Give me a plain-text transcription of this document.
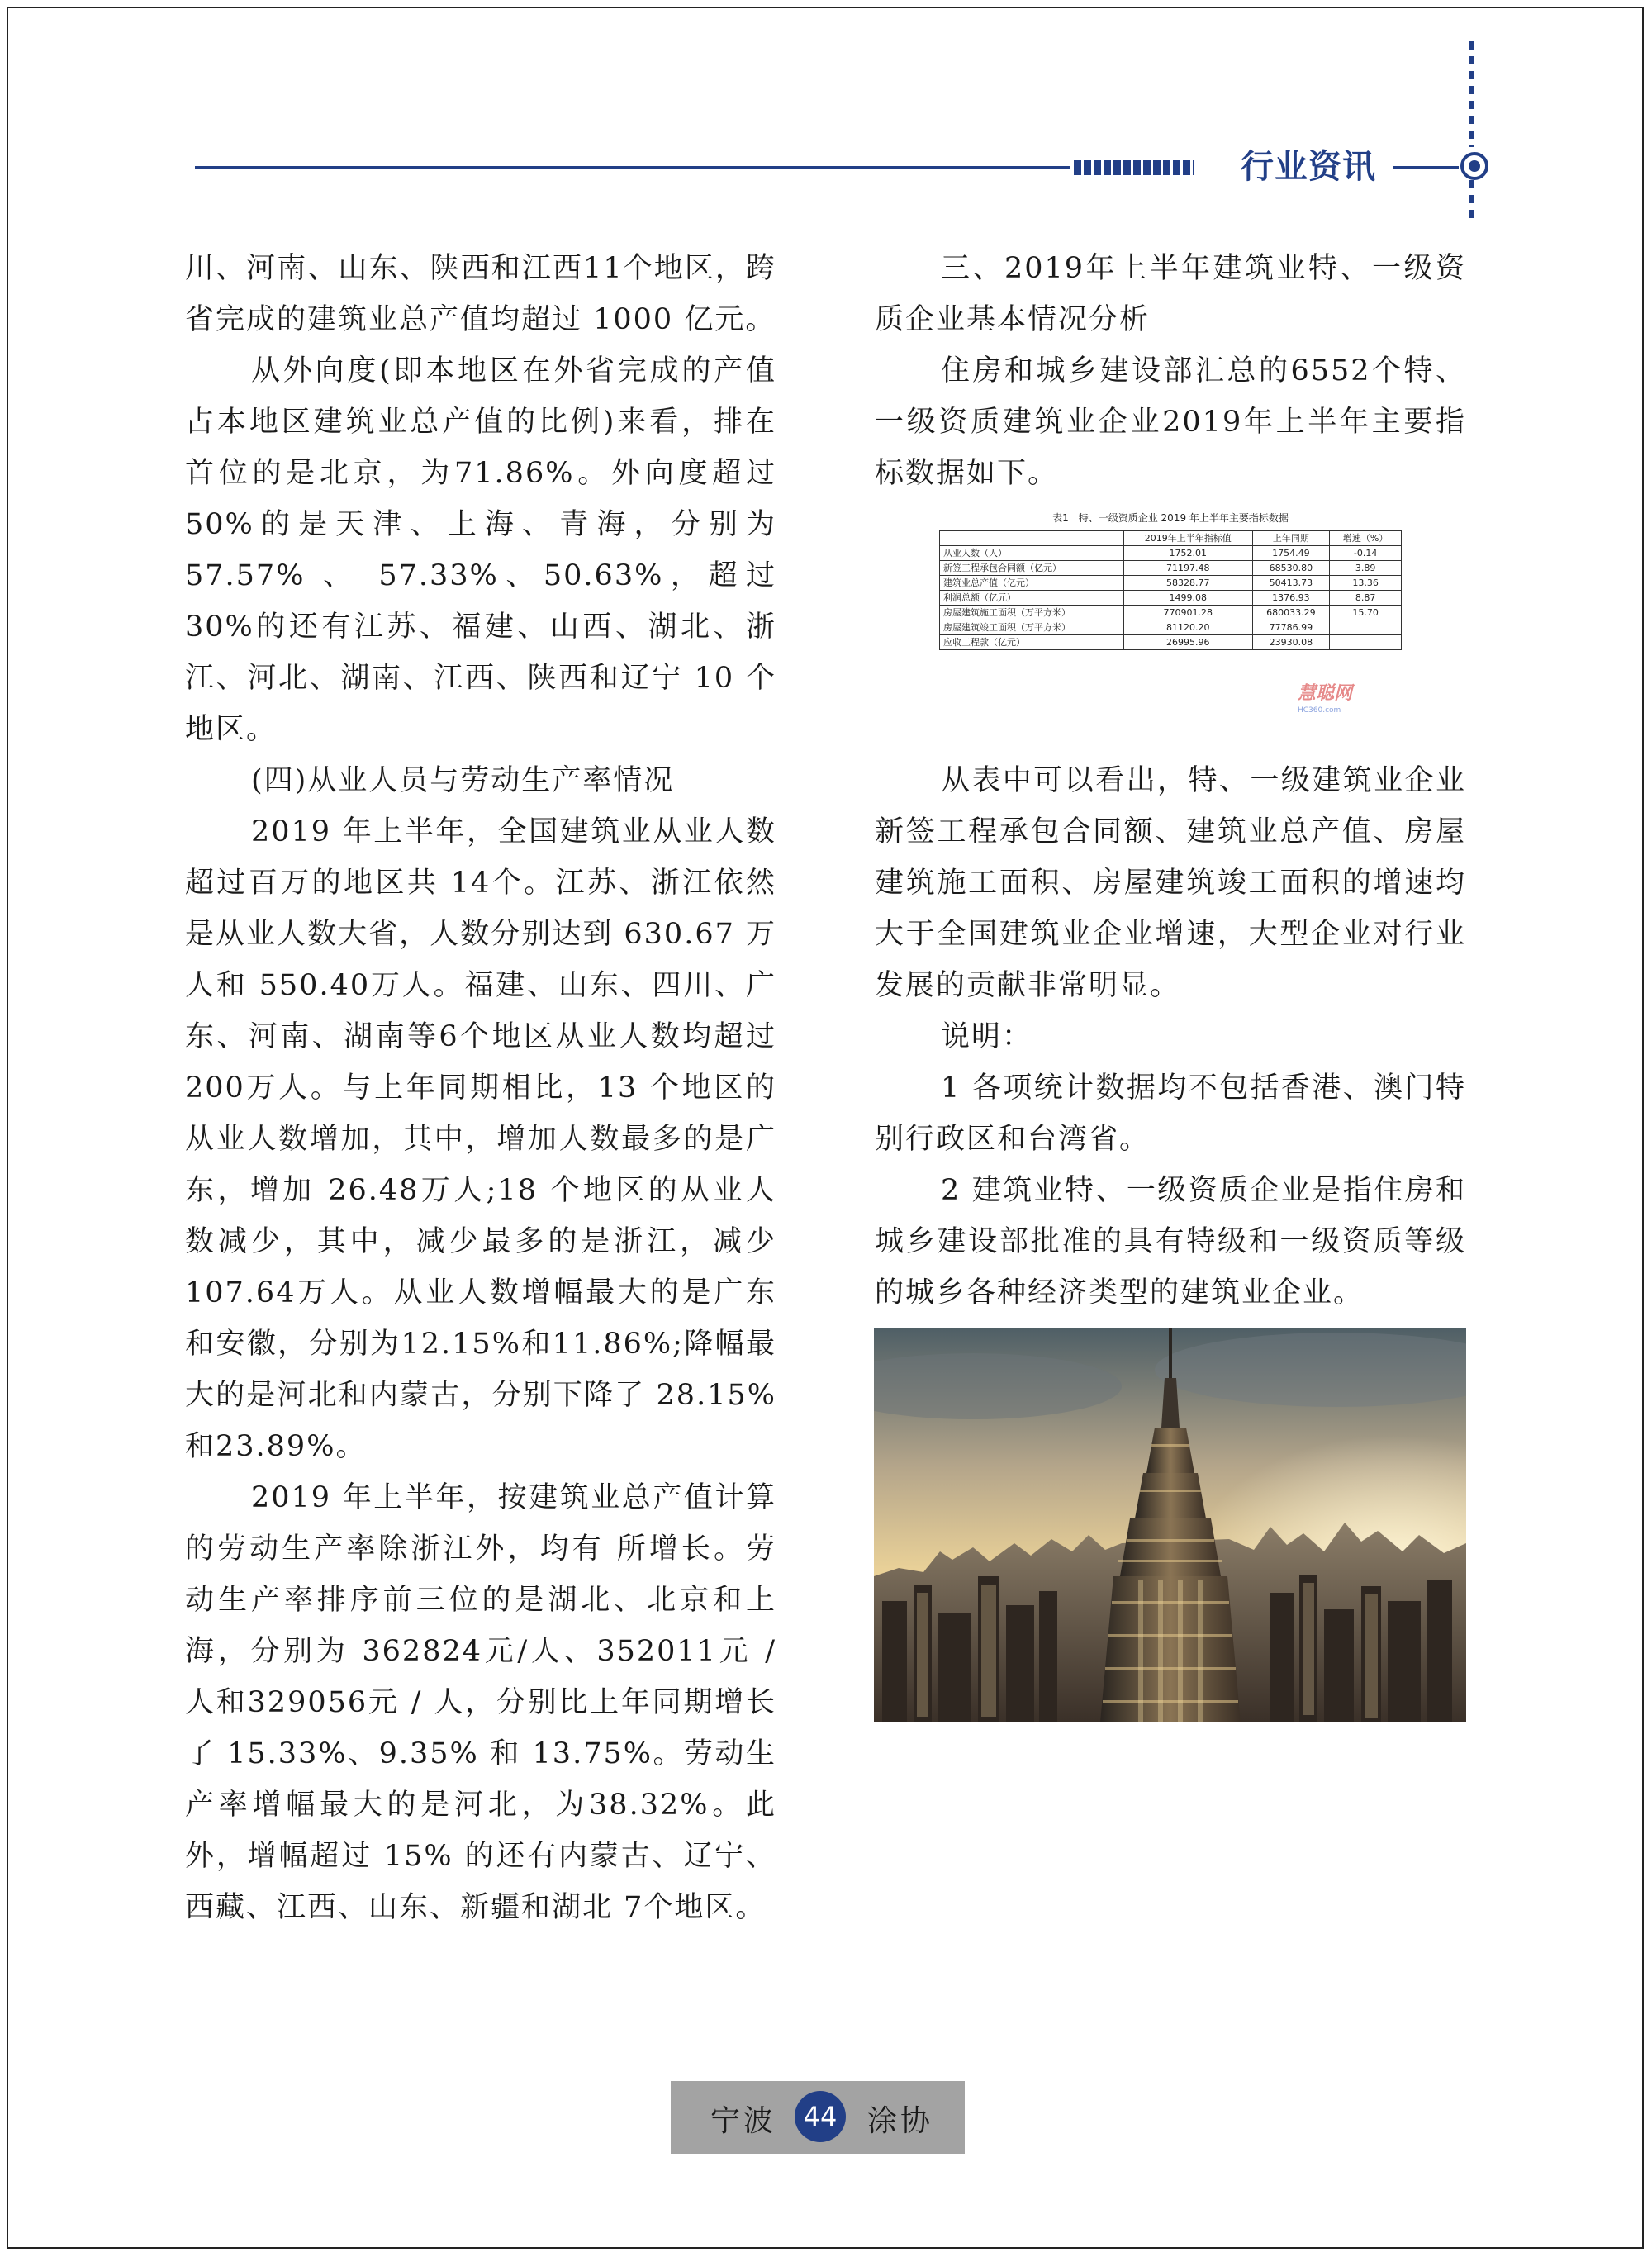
行业资讯

川、河南、山东、陕西和江西11个地区，跨省完成的建筑业总产值均超过 1000 亿元。

从外向度(即本地区在外省完成的产值占本地区建筑业总产值的比例)来看，排在首位的是北京，为71.86%。外向度超过50%的是天津、上海、青海，分别为57.57% 、 57.33%、50.63%，超过 30%的还有江苏、福建、山西、湖北、浙江、河北、湖南、江西、陕西和辽宁 10 个地区。

(四)从业人员与劳动生产率情况

2019 年上半年，全国建筑业从业人数超过百万的地区共 14个。江苏、浙江依然是从业人数大省，人数分别达到 630.67 万人和 550.40万人。福建、山东、四川、广东、河南、湖南等6个地区从业人数均超过200万人。与上年同期相比，13 个地区的从业人数增加，其中，增加人数最多的是广东，增加 26.48万人;18 个地区的从业人数减少，其中，减少最多的是浙江，减少107.64万人。从业人数增幅最大的是广东和安徽，分别为12.15%和11.86%;降幅最大的是河北和内蒙古，分别下降了 28.15%和23.89%。

2019 年上半年，按建筑业总产值计算的劳动生产率除浙江外，均有 所增长。劳动生产率排序前三位的是湖北、北京和上海，分别为 362824元/人、352011元 / 人和329056元 / 人，分别比上年同期增长了 15.33%、9.35% 和 13.75%。劳动生产率增幅最大的是河北，为38.32%。此外，增幅超过 15% 的还有内蒙古、辽宁、西藏、江西、山东、新疆和湖北 7个地区。

三、2019年上半年建筑业特、一级资质企业基本情况分析

住房和城乡建设部汇总的6552个特、一级资质建筑业企业2019年上半年主要指标数据如下。

表1　特、一级资质企业 2019 年上半年主要指标数据
	2019年上半年指标值	上年同期	增速（%）
从业人数（人）	1752.01	1754.49	-0.14
新签工程承包合同额（亿元）	71197.48	68530.80	3.89
建筑业总产值（亿元）	58328.77	50413.73	13.36
利润总额（亿元）	1499.08	1376.93	8.87
房屋建筑施工面积（万平方米）	770901.28	680033.29	15.70
房屋建筑竣工面积（万平方米）	81120.20	77786.99	
应收工程款（亿元）	26995.96	23930.08	
慧聪网
HC360.com

从表中可以看出，特、一级建筑业企业新签工程承包合同额、建筑业总产值、房屋建筑施工面积、房屋建筑竣工面积的增速均大于全国建筑业企业增速，大型企业对行业发展的贡献非常明显。

说明：

1 各项统计数据均不包括香港、澳门特别行政区和台湾省。

2 建筑业特、一级资质企业是指住房和城乡建设部批准的具有特级和一级资质等级的城乡各种经济类型的建筑业企业。

宁波	44 涂协
